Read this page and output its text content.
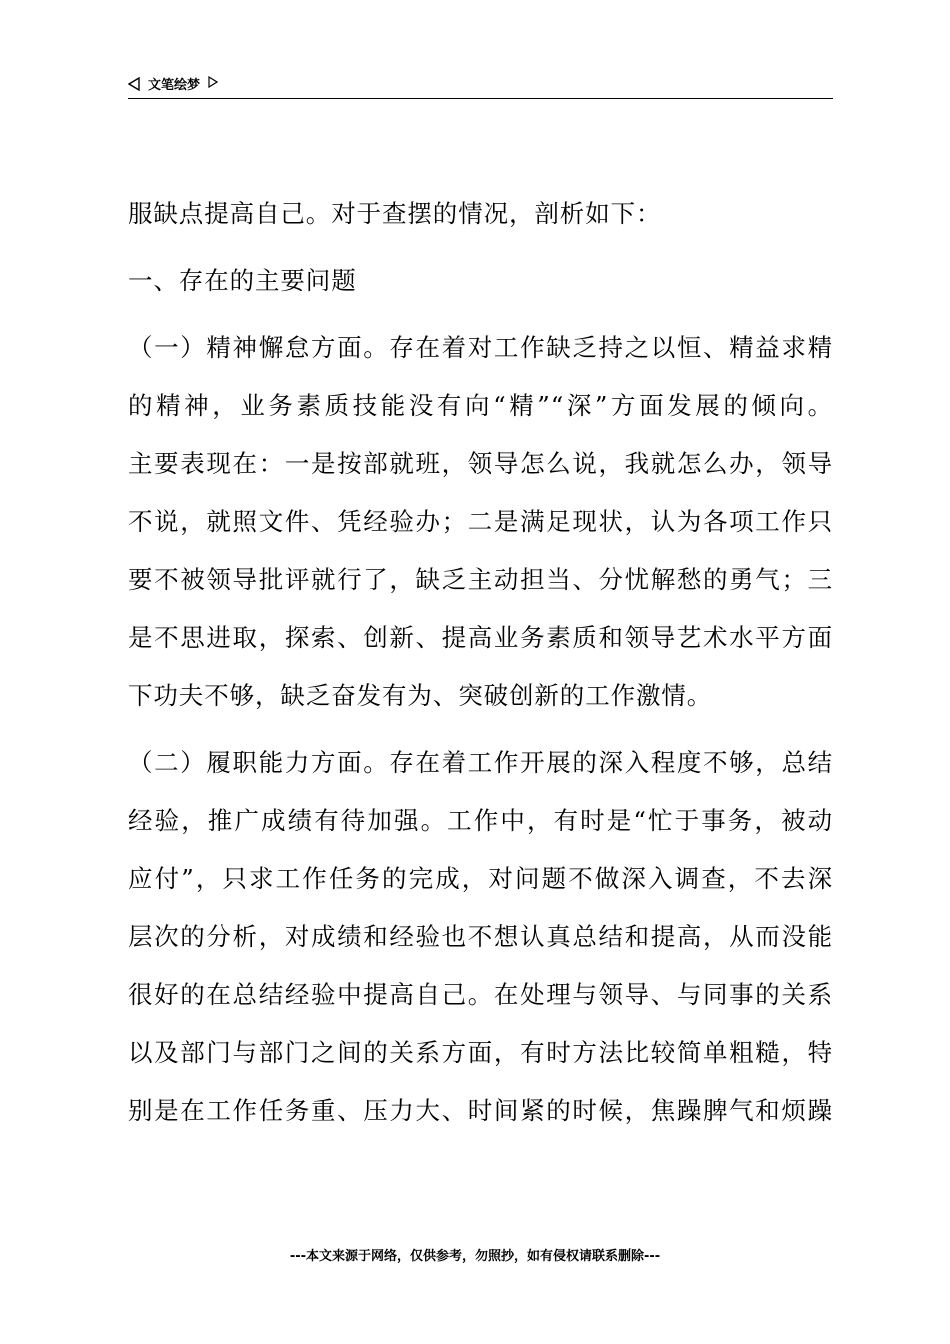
文笔绘梦
服缺点提高自己。对于查摆的情况，剖析如下：
一、存在的主要问题
（一）精神懈怠方面。存在着对工作缺乏持之以恒、精益求精
的精神，业务素质技能没有向“精”“深”方面发展的倾向。
主要表现在：一是按部就班，领导怎么说，我就怎么办，领导
不说，就照文件、凭经验办；二是满足现状，认为各项工作只
要不被领导批评就行了，缺乏主动担当、分忧解愁的勇气；三
是不思进取，探索、创新、提高业务素质和领导艺术水平方面
下功夫不够，缺乏奋发有为、突破创新的工作激情。
（二）履职能力方面。存在着工作开展的深入程度不够，总结
经验，推广成绩有待加强。工作中，有时是“忙于事务，被动
应付”，只求工作任务的完成，对问题不做深入调查，不去深
层次的分析，对成绩和经验也不想认真总结和提高，从而没能
很好的在总结经验中提高自己。在处理与领导、与同事的关系
以及部门与部门之间的关系方面，有时方法比较简单粗糙，特
别是在工作任务重、压力大、时间紧的时候，焦躁脾气和烦躁
---本文来源于网络，仅供参考，勿照抄，如有侵权请联系删除---
